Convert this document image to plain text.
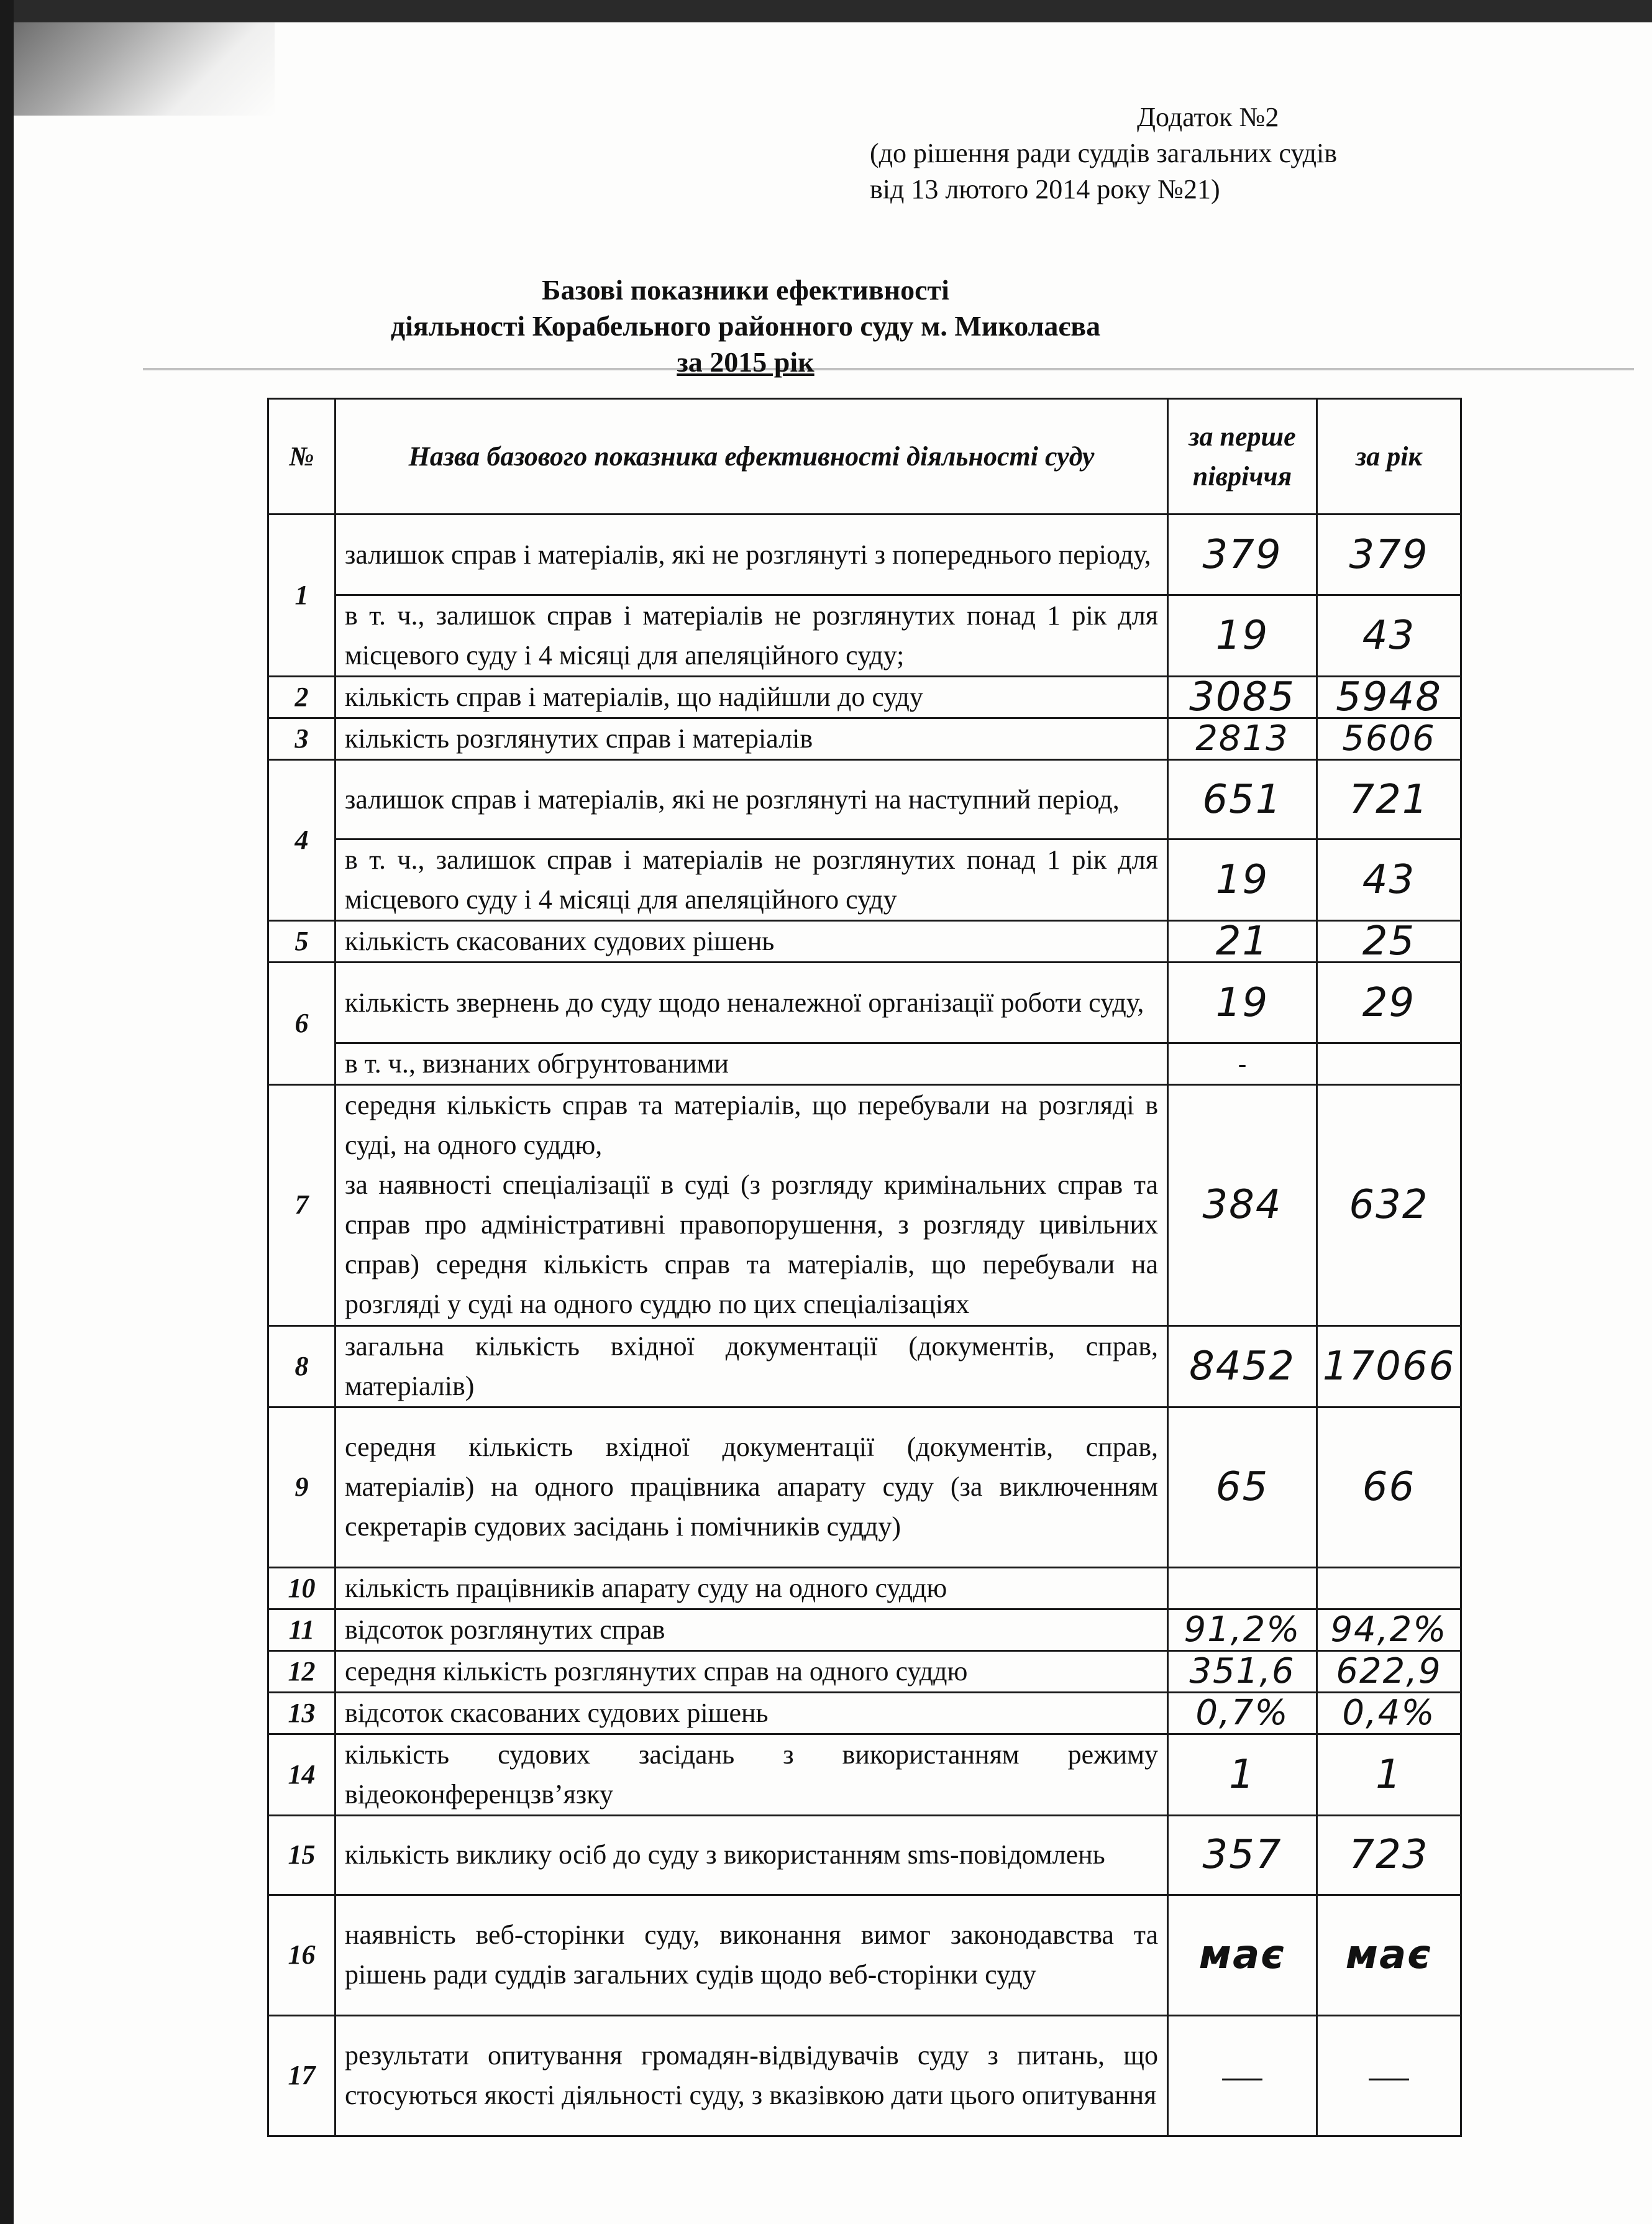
Додаток №2
(до рішення ради суддів загальних судів
від 13 лютого 2014 року №21)
Базові показники ефективності
діяльності Корабельного районного суду м. Миколаєва
за 2015 рік
№	Назва базового показника ефективності діяльності суду	за перше півріччя	за рік
1	залишок справ і матеріалів, які не розглянуті з попереднього періоду,	379	379
	в т. ч., залишок справ і матеріалів не розглянутих понад 1 рік для місцевого суду і 4 місяці для апеляційного суду;	19	43
2	кількість справ і матеріалів, що надійшли до суду	3085	5948
3	кількість розглянутих справ і матеріалів	2813	5606
4	залишок справ і матеріалів, які не розглянуті на наступний період,	651	721
	в т. ч., залишок справ і матеріалів не розглянутих понад 1 рік для місцевого суду і 4 місяці для апеляційного суду	19	43
5	кількість скасованих судових рішень	21	25
6	кількість звернень до суду щодо неналежної організації роботи суду,	19	29
	в т. ч., визнаних обгрунтованими	-	
7	середня кількість справ та матеріалів, що перебували на розгляді в суді, на одного суддю,	384	632
	за наявності спеціалізації в суді (з розгляду кримінальних справ та справ про адміністративні правопорушення, з розгляду цивільних справ) середня кількість справ та матеріалів, що перебували на розгляді у суді на одного суддю по цих спеціалізаціях		
8	загальна кількість вхідної документації (документів, справ, матеріалів)	8452	17066
9	середня кількість вхідної документації (документів, справ, матеріалів) на одного працівника апарату суду (за виключенням секретарів судових засідань і помічників судду)	65	66
10	кількість працівників апарату суду на одного суддю		
11	відсоток розглянутих справ	91,2%	94,2%
12	середня кількість розглянутих справ на одного суддю	351,6	622,9
13	відсоток скасованих судових рішень	0,7%	0,4%
14	кількість судових засідань з використанням режиму відеоконференцзв’язку	1	1
15	кількість виклику осіб до суду з використанням sms-повідомлень	357	723
16	наявність веб-сторінки суду, виконання вимог законодавства та рішень ради суддів загальних судів щодо веб-сторінки суду	має	має
17	результати опитування громадян-відвідувачів суду з питань, що стосуються якості діяльності суду, з вказівкою дати цього опитування	—	—
